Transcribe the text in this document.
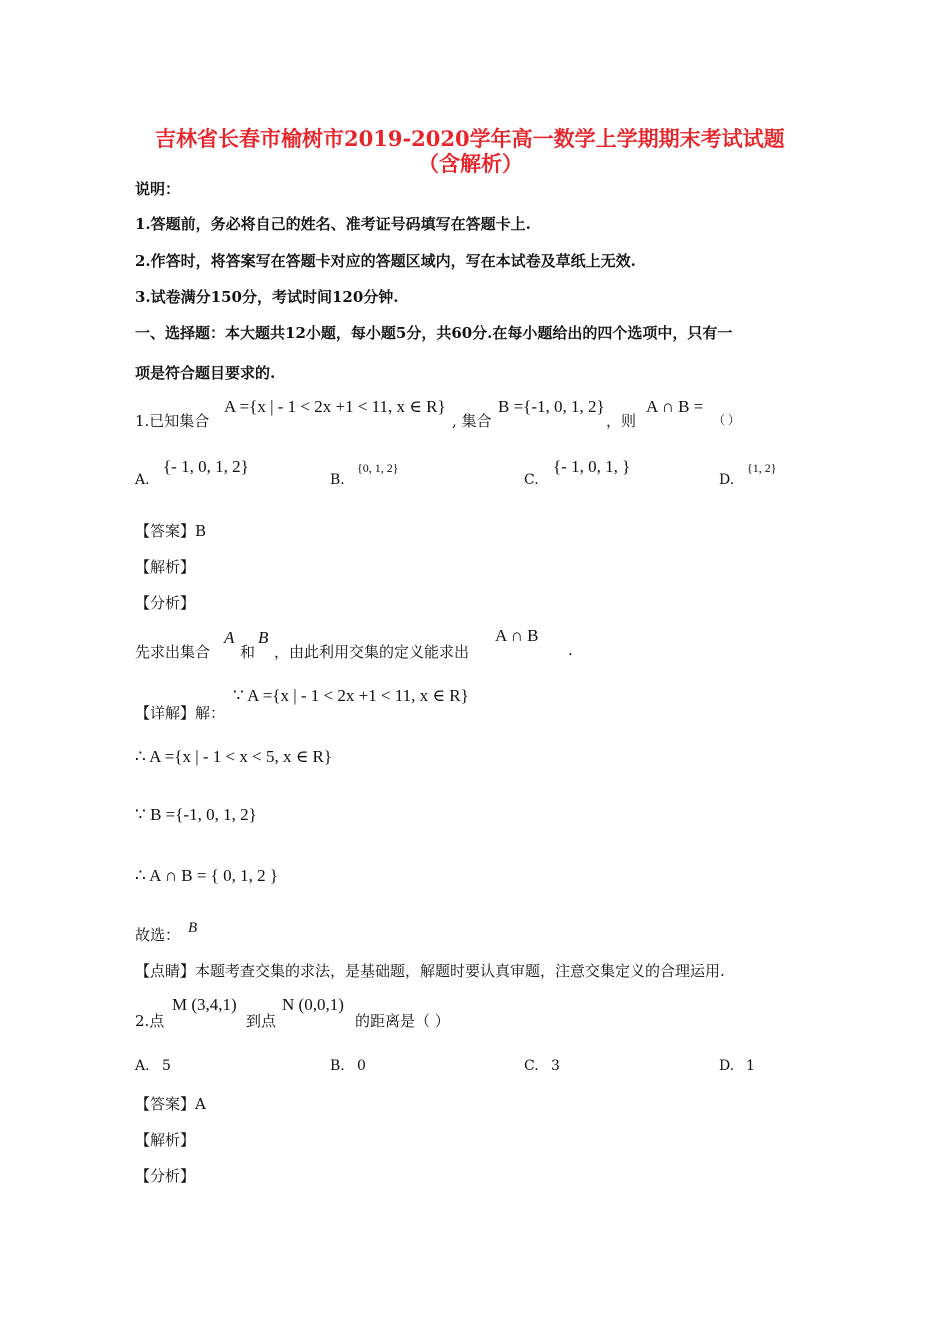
吉林省长春市榆树市2019-2020学年高一数学上学期期末考试试题
（含解析）
说明：
1.答题前，务必将自己的姓名、准考证号码填写在答题卡上.
2.作答时，将答案写在答题卡对应的答题区域内，写在本试卷及草纸上无效.
3.试卷满分150分，考试时间120分钟.
一、选择题：本大题共12小题，每小题5分，共60分.在每小题给出的四个选项中，只有一
项是符合题目要求的.
1.已知集合
A ={x | - 1 < 2x +1 < 11, x ∈ R}
, 集合
B ={-1, 0, 1, 2}
，则
A ∩ B =
（ ）
A.
{- 1, 0, 1, 2}
B.
{0, 1, 2}
C.
{- 1, 0, 1, }
D.
{1, 2}
【答案】B
【解析】
【分析】
先求出集合
A
和
B
，由此利用交集的定义能求出
A ∩ B
.
【详解】解：
∵ A ={x | - 1 < 2x +1 < 11, x ∈ R}
∴ A ={x | - 1 < x < 5, x ∈ R}
∵ B ={-1, 0, 1, 2}
∴ A ∩ B = { 0, 1, 2 }
故选： B
【点睛】本题考查交集的求法，是基础题，解题时要认真审题，注意交集定义的合理运用.
2.点
M (3,4,1)
到点
N (0,0,1)
的距离是（ ）
A. 5	B. 0	C. 3	D. 1
【答案】A
【解析】
【分析】
